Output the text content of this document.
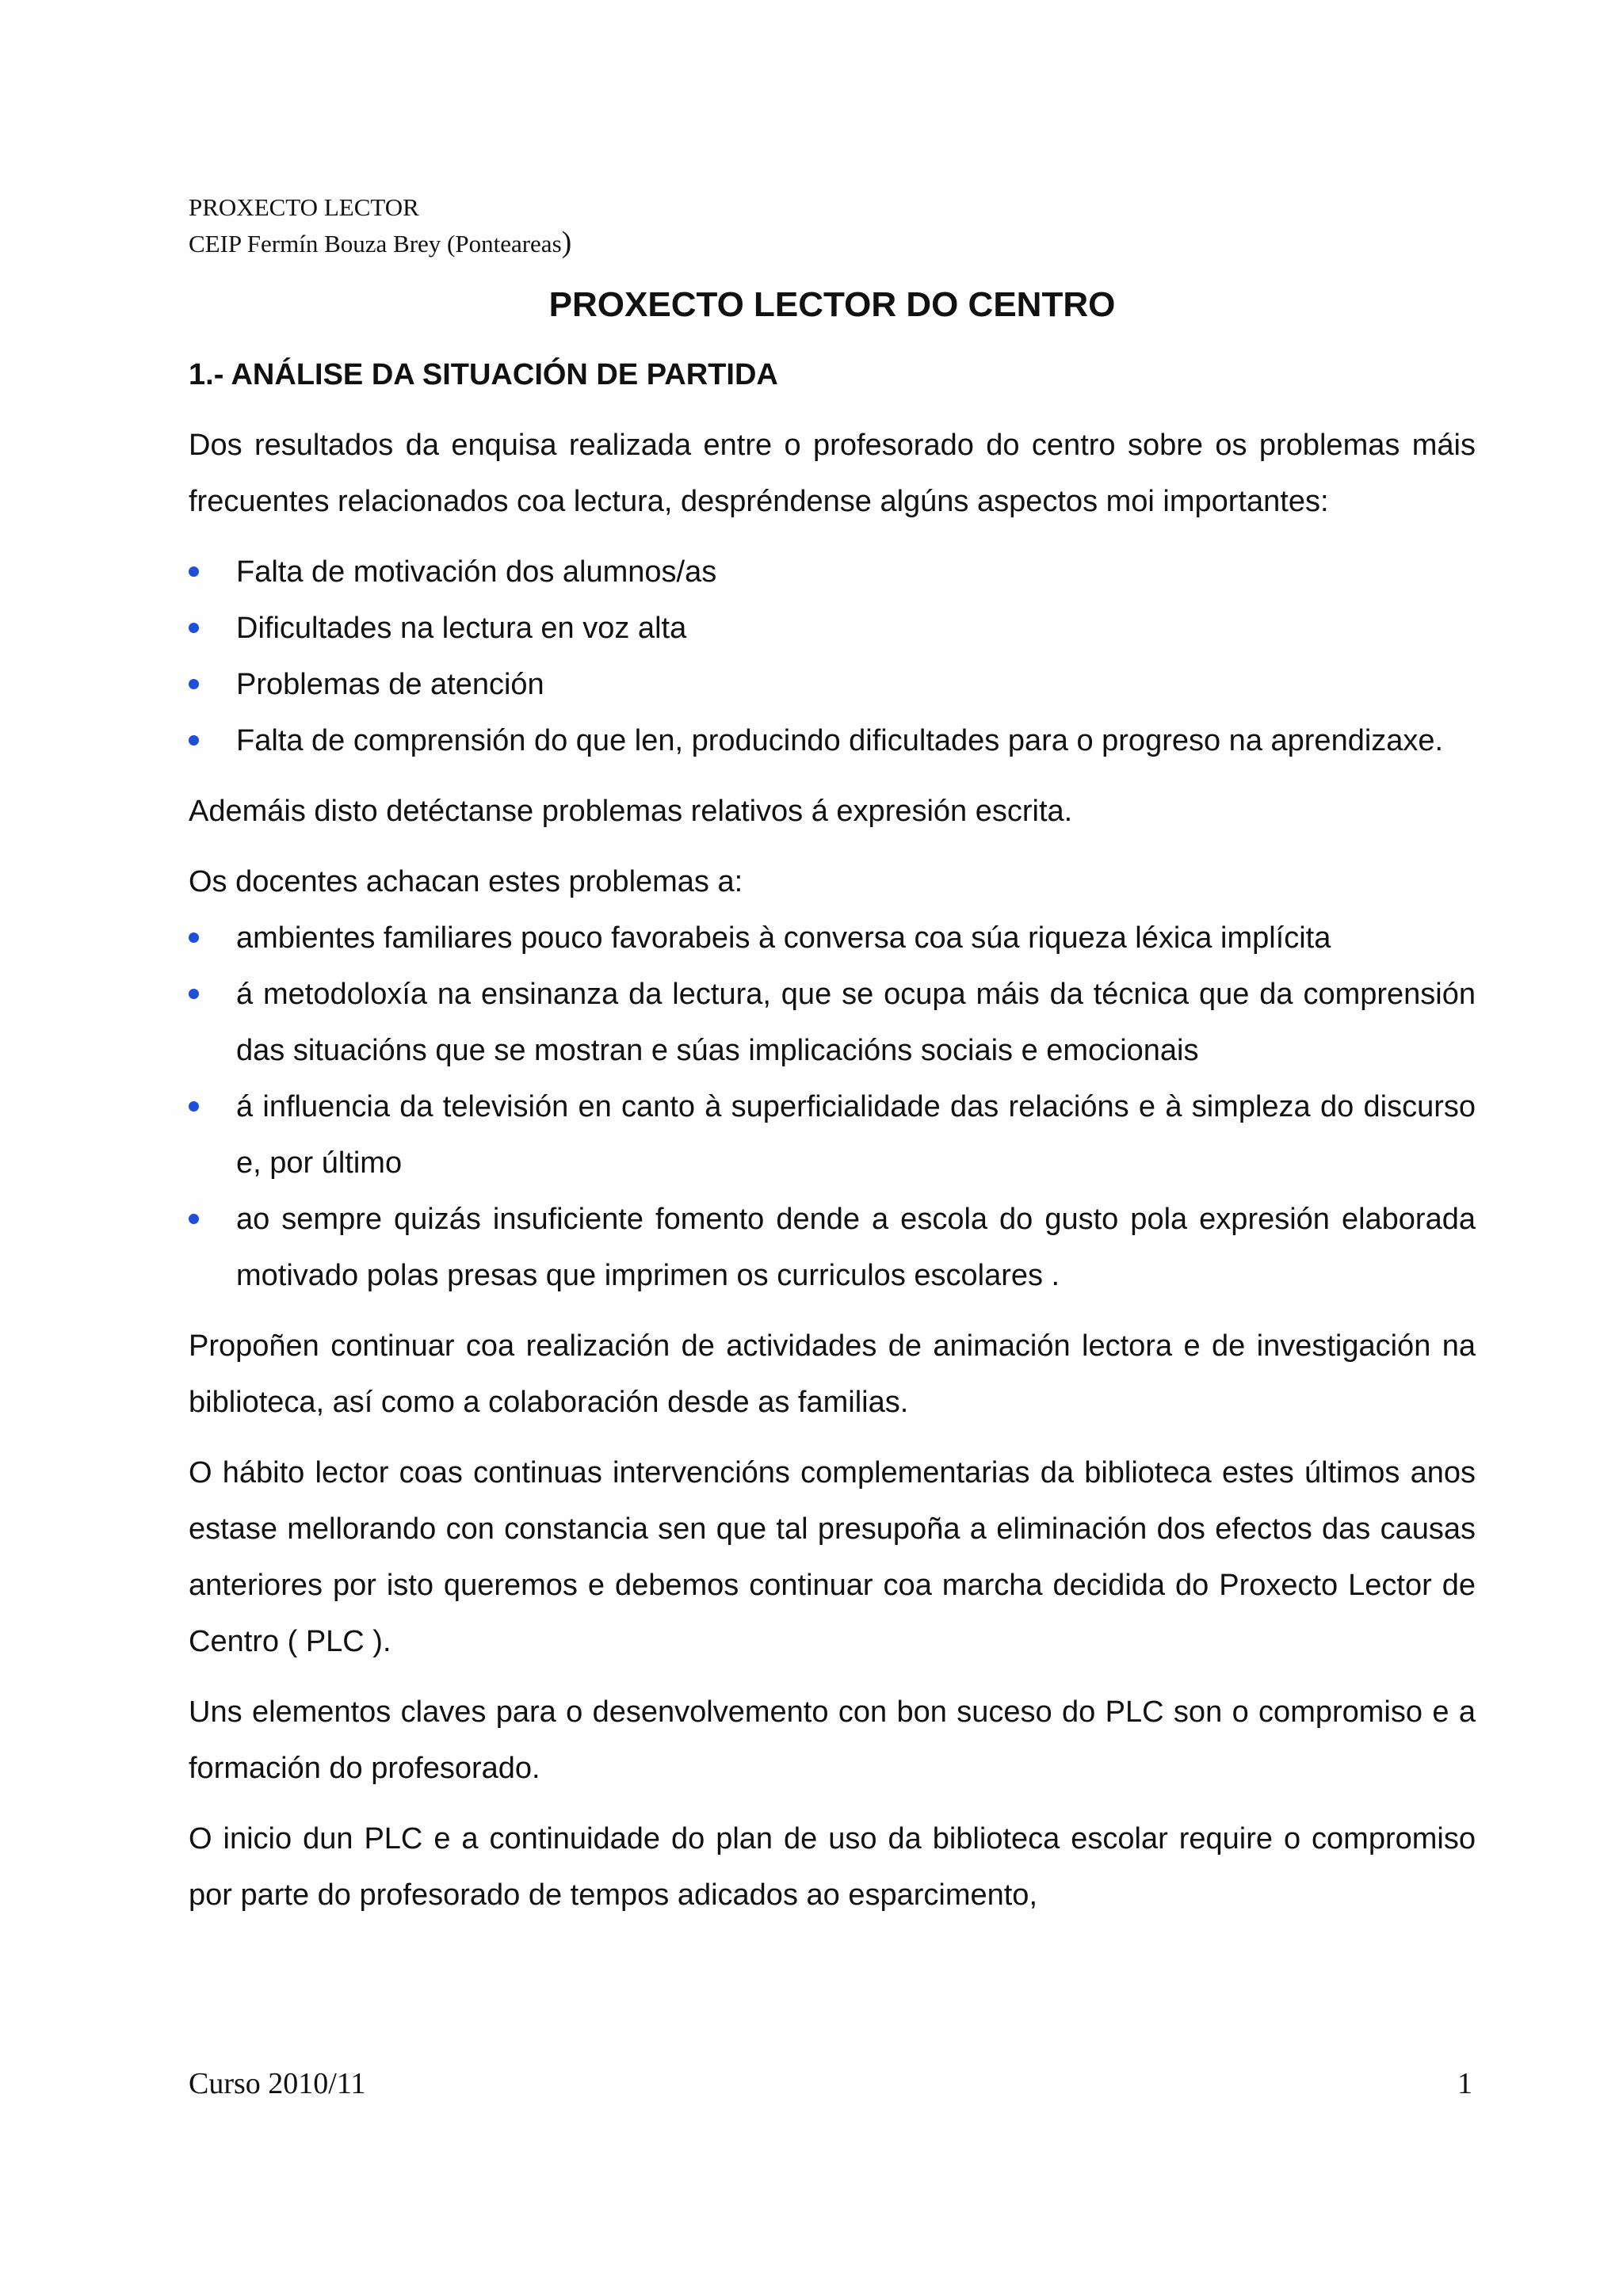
PROXECTO LECTOR
CEIP Fermín Bouza Brey (Ponteareas)
PROXECTO LECTOR DO CENTRO
1.- ANÁLISE DA SITUACIÓN DE PARTIDA

Dos resultados da enquisa realizada entre o profesorado do centro sobre os problemas máis frecuentes relacionados coa lectura, despréndense algúns aspectos moi importantes:

Falta de motivación dos alumnos/as
Dificultades na lectura en voz alta
Problemas de atención
Falta de comprensión do que len, producindo dificultades para o progreso na aprendizaxe.

Ademáis disto detéctanse problemas relativos á expresión escrita.

Os docentes achacan estes problemas a:

ambientes familiares pouco favorabeis à conversa coa súa riqueza léxica implícita
á metodoloxía na ensinanza da lectura, que se ocupa máis da técnica que da comprensión das situacións que se mostran e súas implicacións sociais e emocionais
á influencia da televisión en canto à superficialidade das relacións e à simpleza do discurso e, por último
ao sempre quizás insuficiente fomento dende a escola do gusto pola expresión elaborada motivado polas presas que imprimen os curriculos escolares .

Propoñen continuar coa realización de actividades de animación lectora e de investigación na biblioteca, así como a colaboración desde as familias.

O hábito lector coas continuas intervencións complementarias da biblioteca estes últimos anos estase mellorando con constancia sen que tal presupoña a eliminación dos efectos das causas anteriores por isto queremos e debemos continuar coa marcha decidida do Proxecto Lector de Centro ( PLC ).

Uns elementos claves para o desenvolvemento con bon suceso do PLC son o compromiso e a formación do profesorado.

O inicio dun PLC e a continuidade do plan de uso da biblioteca escolar require o compromiso por parte do profesorado de tempos adicados ao esparcimento,

Curso 2010/11	1
